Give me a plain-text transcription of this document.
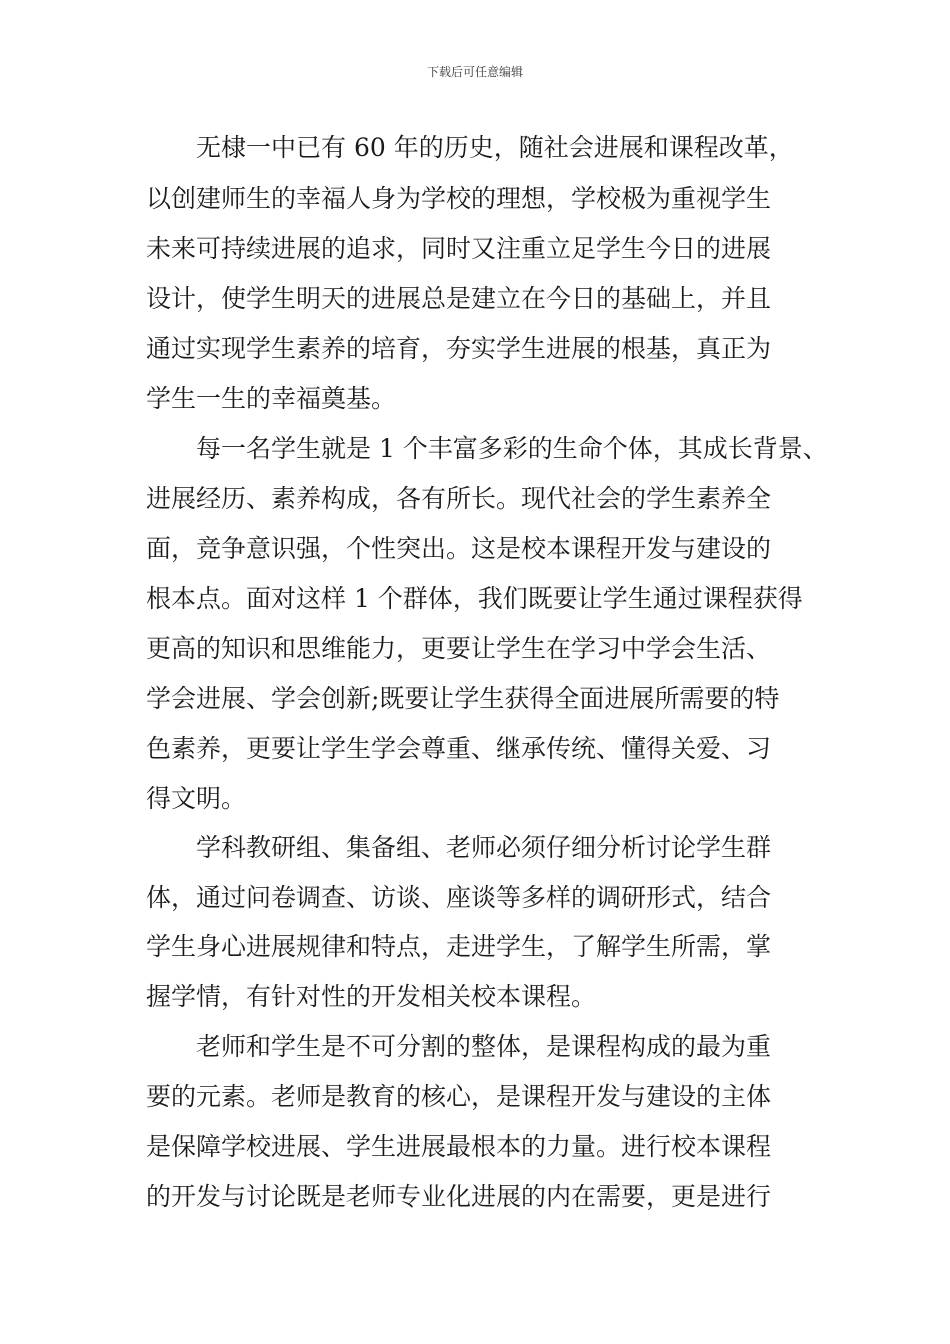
下载后可任意编辑
无棣一中已有 60 年的历史，随社会进展和课程改革，
以创建师生的幸福人身为学校的理想，学校极为重视学生
未来可持续进展的追求，同时又注重立足学生今日的进展
设计，使学生明天的进展总是建立在今日的基础上，并且
通过实现学生素养的培育，夯实学生进展的根基，真正为
学生一生的幸福奠基。
每一名学生就是 1 个丰富多彩的生命个体，其成长背景、
进展经历、素养构成，各有所长。现代社会的学生素养全
面，竞争意识强，个性突出。这是校本课程开发与建设的
根本点。面对这样 1 个群体，我们既要让学生通过课程获得
更高的知识和思维能力，更要让学生在学习中学会生活、
学会进展、学会创新;既要让学生获得全面进展所需要的特
色素养，更要让学生学会尊重、继承传统、懂得关爱、习
得文明。
学科教研组、集备组、老师必须仔细分析讨论学生群
体，通过问卷调查、访谈、座谈等多样的调研形式，结合
学生身心进展规律和特点，走进学生，了解学生所需，掌
握学情，有针对性的开发相关校本课程。
老师和学生是不可分割的整体，是课程构成的最为重
要的元素。老师是教育的核心，是课程开发与建设的主体
是保障学校进展、学生进展最根本的力量。进行校本课程
的开发与讨论既是老师专业化进展的内在需要，更是进行
